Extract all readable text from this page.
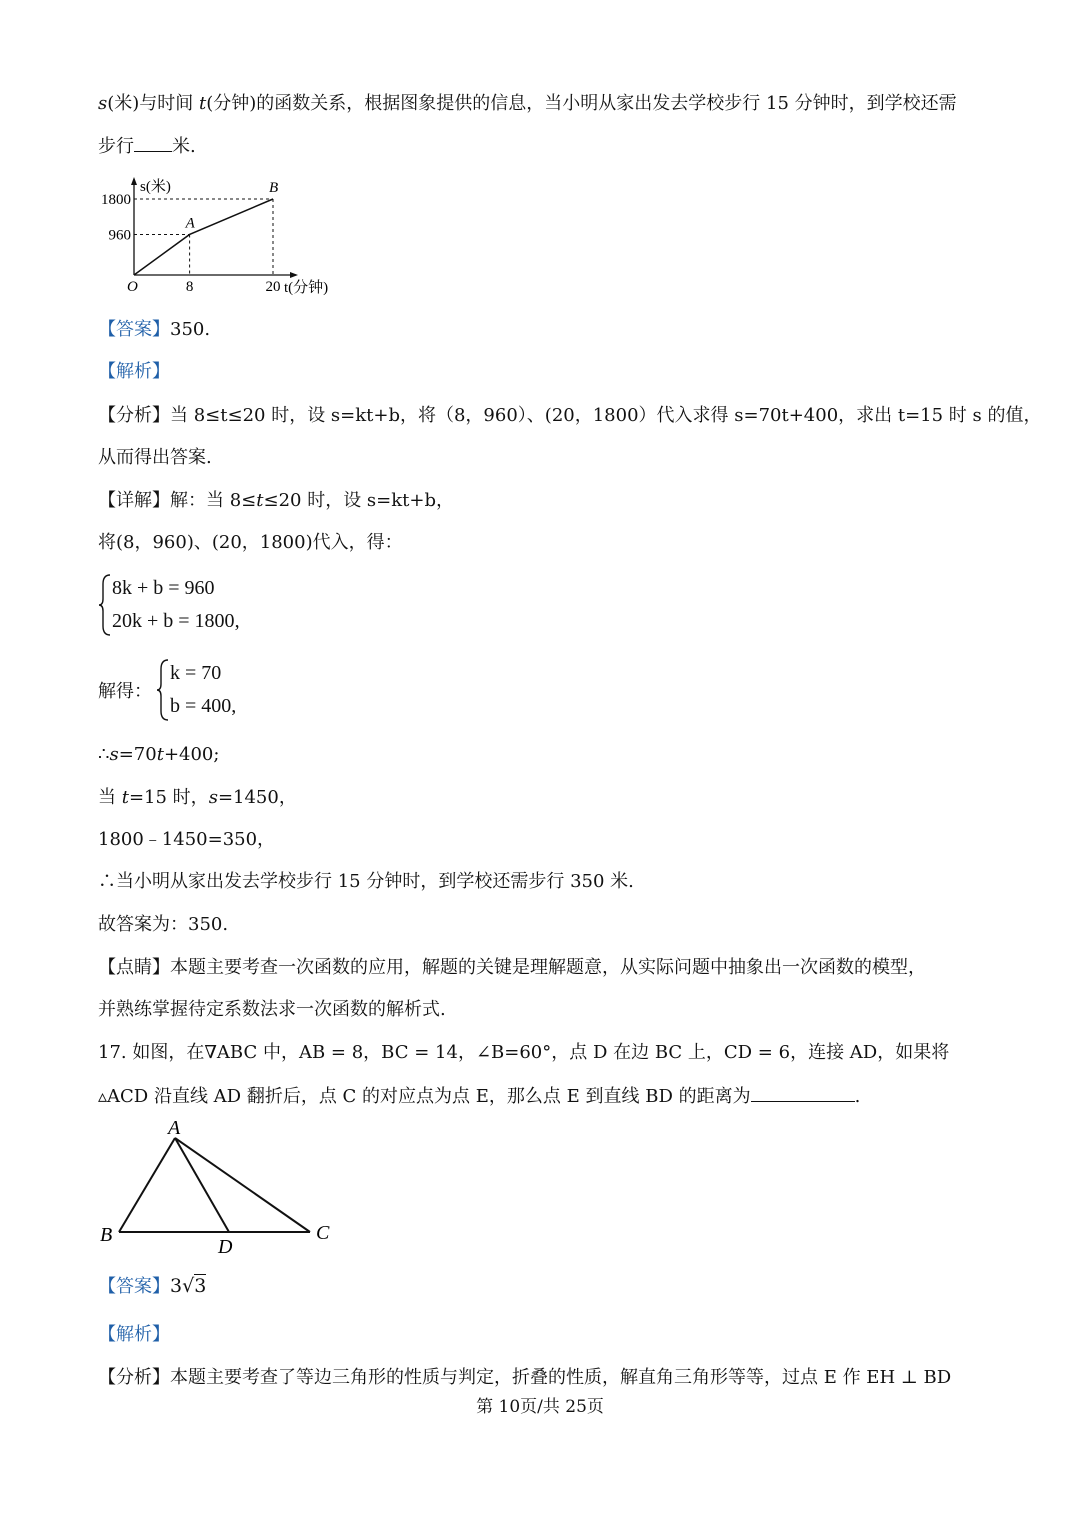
s(米)与时间 t(分钟)的函数关系，根据图象提供的信息，当小明从家出发去学校步行 15 分钟时，到学校还需
步行 米.
t(分钟)
s(米)
O	8
960
A
20
1800
B
【答案】350.
【解析】
【分析】当 8≤t≤20 时，设 s=kt+b，将（8，960）、(20，1800）代入求得 s=70t+400，求出 t=15 时 s 的值，
从而得出答案.
【详解】解：当 8≤t≤20 时，设 s=kt+b，
将(8，960)、(20，1800)代入，得：
8k + b = 960
20k + b = 1800,
解得：
k = 70
b = 400,
∴s=70t+400;
当 t=15 时，s=1450，
1800﹣1450=350，
∴当小明从家出发去学校步行 15 分钟时，到学校还需步行 350 米.
故答案为：350.
【点睛】本题主要考查一次函数的应用，解题的关键是理解题意，从实际问题中抽象出一次函数的模型，
并熟练掌握待定系数法求一次函数的解析式.
17. 如图，在∇ABC 中，AB = 8，BC = 14，∠B=60°，点 D 在边 BC 上，CD = 6，连接 AD，如果将
▵ACD 沿直线 AD 翻折后，点 C 的对应点为点 E，那么点 E 到直线 BD 的距离为	.
A
B
D
C
【答案】3√3
【解析】
【分析】本题主要考查了等边三角形的性质与判定，折叠的性质，解直角三角形等等，过点 E 作 EH ⊥ BD
第 10页/共 25页
